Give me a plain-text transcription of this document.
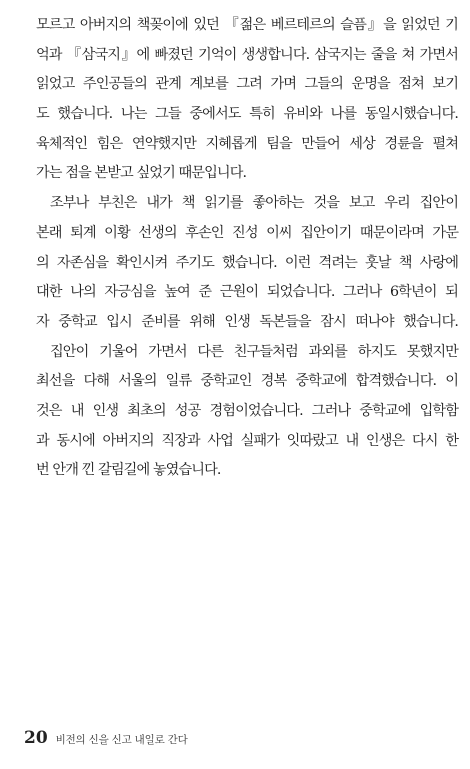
모르고 아버지의 책꽂이에 있던 『젊은 베르테르의 슬픔』을 읽었던 기
억과 『삼국지』에 빠졌던 기억이 생생합니다. 삼국지는 줄을 쳐 가면서
읽었고 주인공들의 관계 계보를 그려 가며 그들의 운명을 점쳐 보기
도 했습니다. 나는 그들 중에서도 특히 유비와 나를 동일시했습니다.
육체적인 힘은 연약했지만 지혜롭게 팀을 만들어 세상 경륜을 펼쳐
가는 점을 본받고 싶었기 때문입니다.
조부나 부친은 내가 책 읽기를 좋아하는 것을 보고 우리 집안이
본래 퇴계 이황 선생의 후손인 진성 이씨 집안이기 때문이라며 가문
의 자존심을 확인시켜 주기도 했습니다. 이런 격려는 훗날 책 사랑에
대한 나의 자긍심을 높여 준 근원이 되었습니다. 그러나 6학년이 되
자 중학교 입시 준비를 위해 인생 독본들을 잠시 떠나야 했습니다.
집안이 기울어 가면서 다른 친구들처럼 과외를 하지도 못했지만
최선을 다해 서울의 일류 중학교인 경복 중학교에 합격했습니다. 이
것은 내 인생 최초의 성공 경험이었습니다. 그러나 중학교에 입학함
과 동시에 아버지의 직장과 사업 실패가 잇따랐고 내 인생은 다시 한
번 안개 낀 갈림길에 놓였습니다.
20 비전의 신을 신고 내일로 간다
